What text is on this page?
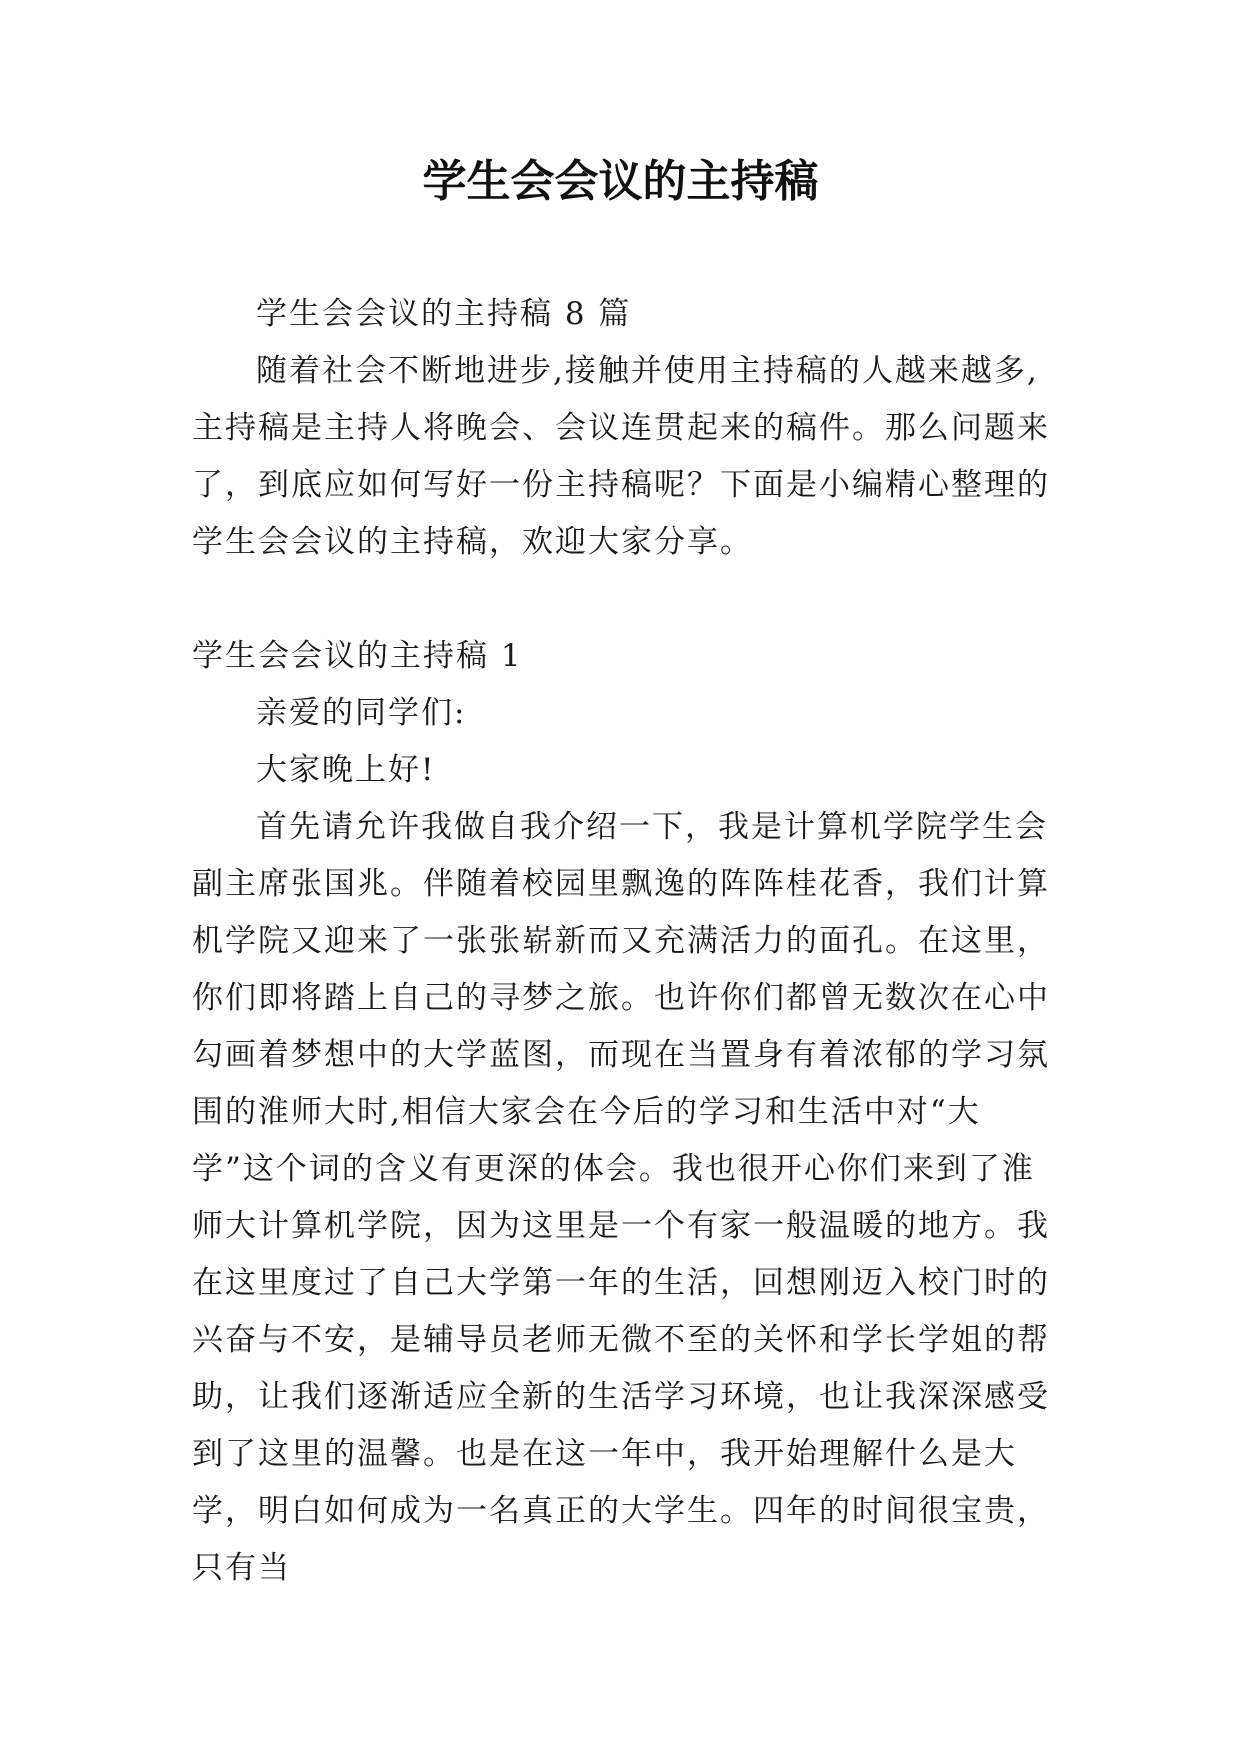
学生会会议的主持稿

学生会会议的主持稿 8 篇

随着社会不断地进步,接触并使用主持稿的人越来越多,主持稿是主持人将晚会、会议连贯起来的稿件。那么问题来了，到底应如何写好一份主持稿呢？下面是小编精心整理的学生会会议的主持稿，欢迎大家分享。

学生会会议的主持稿 1

亲爱的同学们:

大家晚上好!

首先请允许我做自我介绍一下，我是计算机学院学生会副主席张国兆。伴随着校园里飘逸的阵阵桂花香，我们计算机学院又迎来了一张张崭新而又充满活力的面孔。在这里，你们即将踏上自己的寻梦之旅。也许你们都曾无数次在心中勾画着梦想中的大学蓝图，而现在当置身有着浓郁的学习氛围的淮师大时,相信大家会在今后的学习和生活中对“大学”这个词的含义有更深的体会。我也很开心你们来到了淮师大计算机学院，因为这里是一个有家一般温暖的地方。我在这里度过了自己大学第一年的生活，回想刚迈入校门时的兴奋与不安，是辅导员老师无微不至的关怀和学长学姐的帮助，让我们逐渐适应全新的生活学习环境，也让我深深感受到了这里的温馨。也是在这一年中，我开始理解什么是大学，明白如何成为一名真正的大学生。四年的时间很宝贵，只有当
